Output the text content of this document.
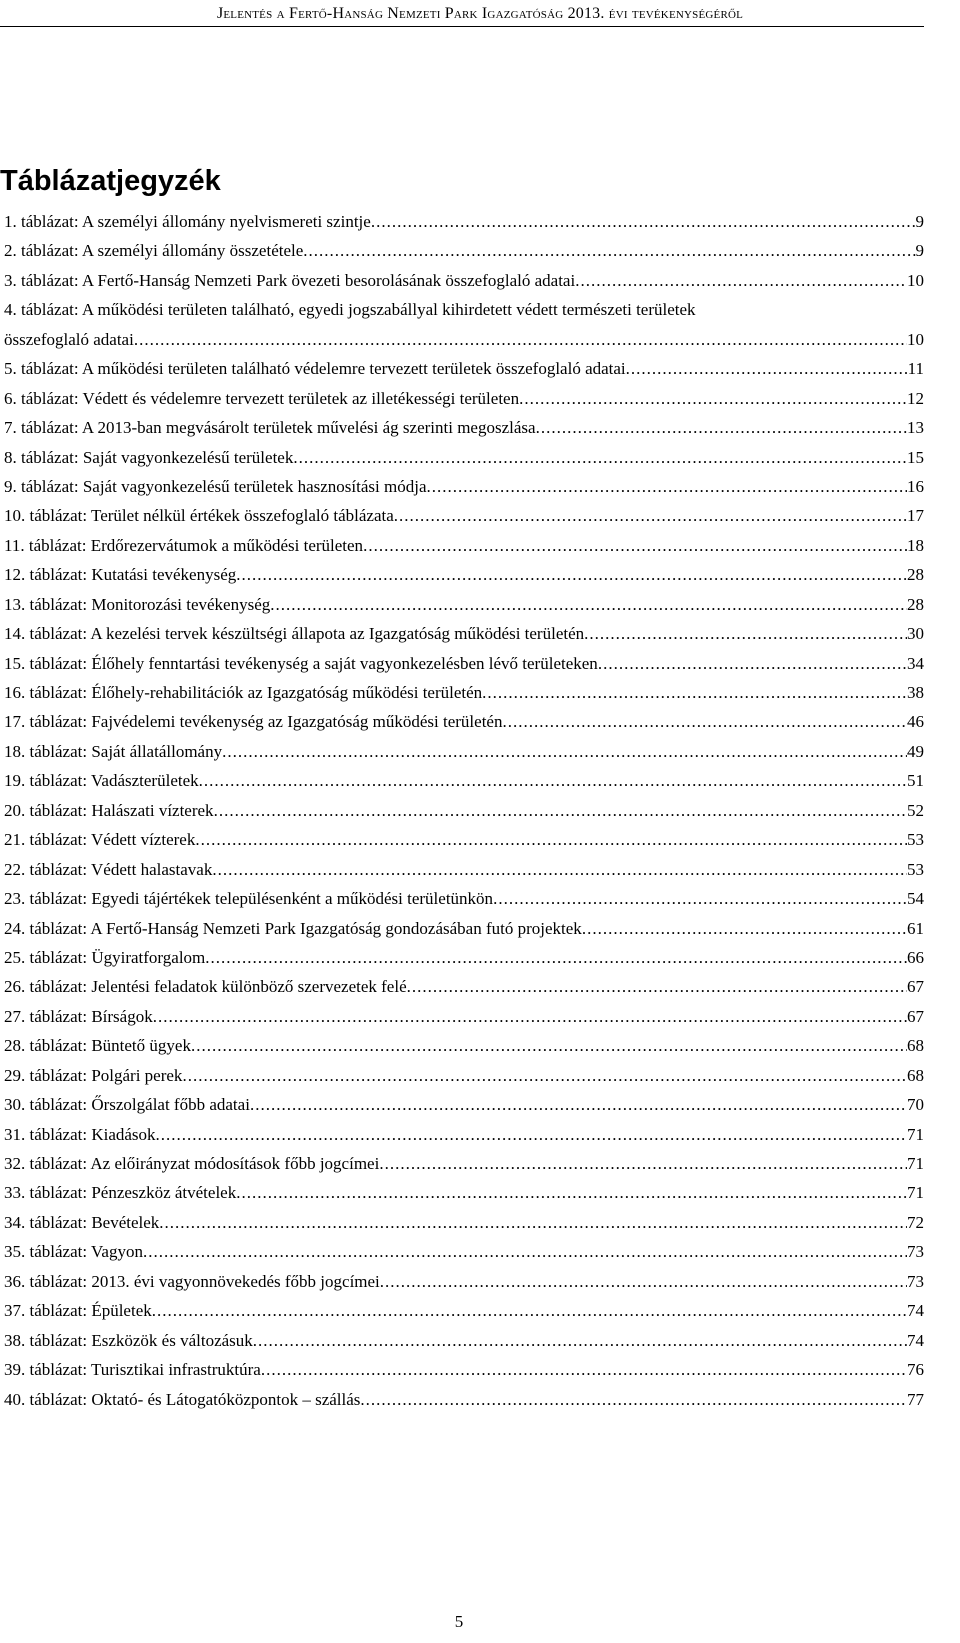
Jelentés a Fertő-Hanság Nemzeti Park Igazgatóság 2013. évi tevékenységéről
Táblázatjegyzék
1. táblázat: A személyi állomány nyelvismereti szintje .....	9
2. táblázat: A személyi állomány összetétele .....	9
3. táblázat: A Fertő-Hanság Nemzeti Park övezeti besorolásának összefoglaló adatai .....	10
4. táblázat: A működési területen található, egyedi jogszabállyal kihirdetett védett természeti területek
összefoglaló adatai .....	10
5. táblázat: A működési területen található védelemre tervezett területek összefoglaló adatai .....	11
6. táblázat: Védett és védelemre tervezett területek az illetékességi területen .....	12
7. táblázat: A 2013-ban megvásárolt területek művelési ág szerinti megoszlása .....	13
8. táblázat: Saját vagyonkezelésű területek .....	15
9. táblázat: Saját vagyonkezelésű területek hasznosítási módja .....	16
10. táblázat: Terület nélkül értékek összefoglaló táblázata .....	17
11. táblázat: Erdőrezervátumok a működési területen .....	18
12. táblázat: Kutatási tevékenység .....	28
13. táblázat: Monitorozási tevékenység .....	28
14. táblázat: A kezelési tervek készültségi állapota az Igazgatóság működési területén .....	30
15. táblázat: Élőhely fenntartási tevékenység a saját vagyonkezelésben lévő területeken .....	34
16. táblázat: Élőhely-rehabilitációk az Igazgatóság működési területén .....	38
17. táblázat: Fajvédelemi tevékenység az Igazgatóság működési területén .....	46
18. táblázat: Saját állatállomány .....	49
19. táblázat: Vadászterületek .....	51
20. táblázat: Halászati vízterek .....	52
21. táblázat: Védett vízterek .....	53
22. táblázat: Védett halastavak .....	53
23. táblázat: Egyedi tájértékek településenként a működési területünkön .....	54
24. táblázat: A Fertő-Hanság Nemzeti Park Igazgatóság gondozásában futó projektek .....	61
25. táblázat: Ügyiratforgalom .....	66
26. táblázat: Jelentési feladatok különböző szervezetek felé .....	67
27. táblázat: Bírságok .....	67
28. táblázat: Büntető ügyek .....	68
29. táblázat: Polgári perek .....	68
30. táblázat: Őrszolgálat főbb adatai .....	70
31. táblázat: Kiadások .....	71
32. táblázat: Az előirányzat módosítások főbb jogcímei .....	71
33. táblázat: Pénzeszköz átvételek .....	71
34. táblázat: Bevételek .....	72
35. táblázat: Vagyon .....	73
36. táblázat: 2013. évi vagyonnövekedés főbb jogcímei .....	73
37. táblázat: Épületek .....	74
38. táblázat: Eszközök és változásuk .....	74
39. táblázat: Turisztikai infrastruktúra .....	76
40. táblázat: Oktató- és Látogatóközpontok – szállás .....	77
5
